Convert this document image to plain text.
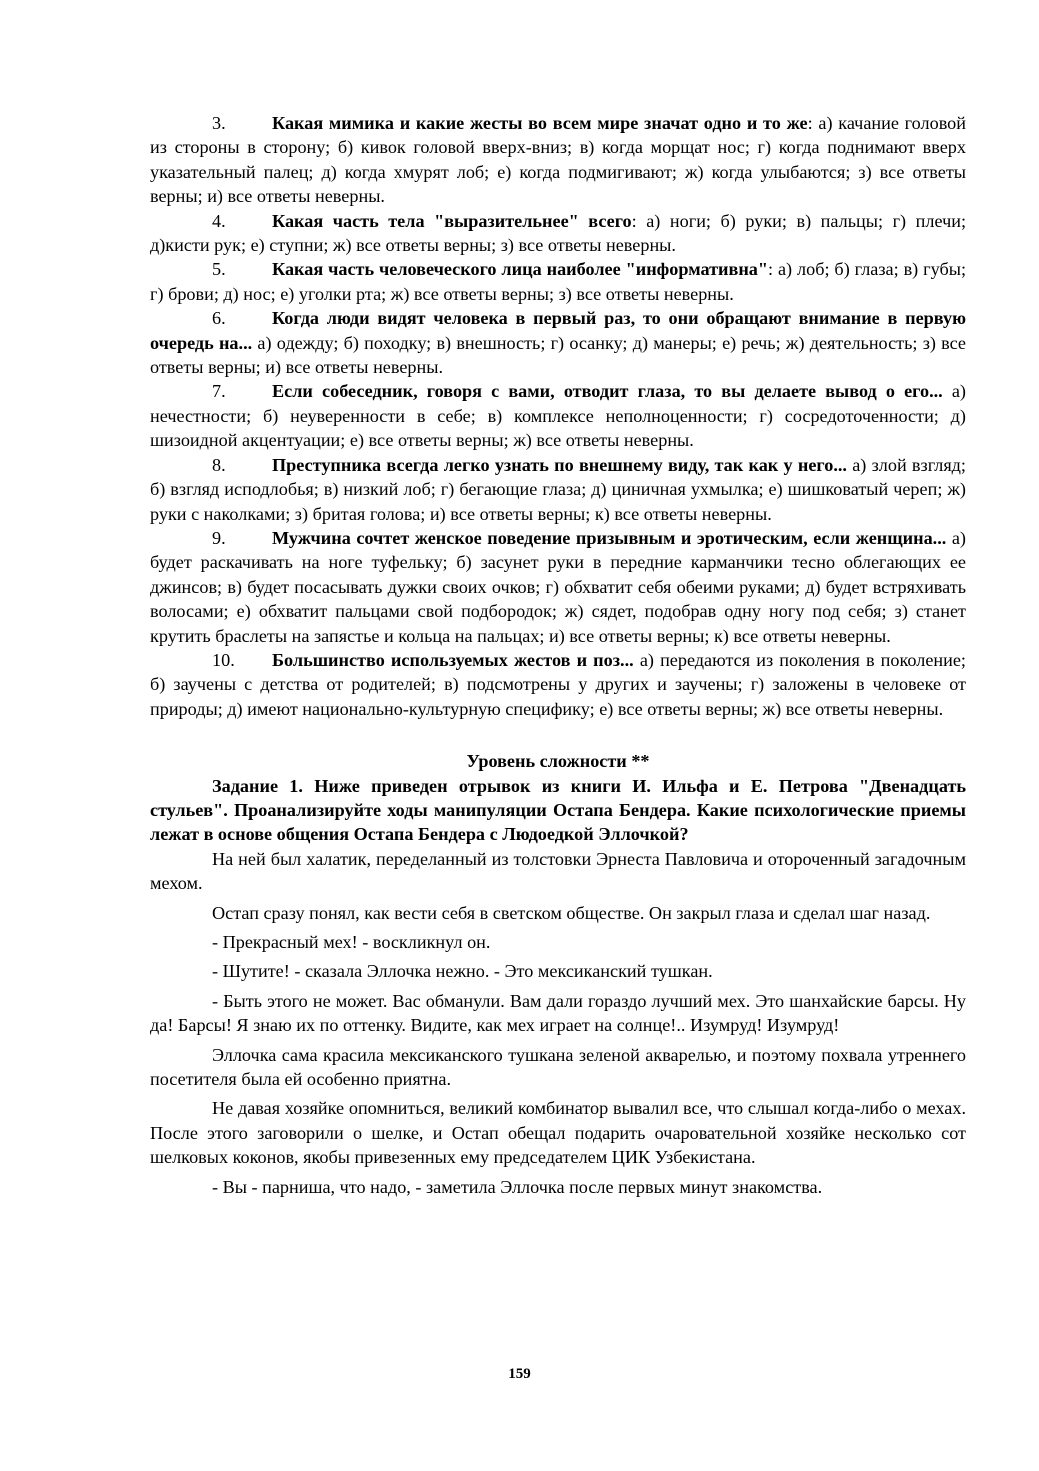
3.	Какая мимика и какие жесты во всем мире значат одно и то же: а) качание головой из стороны в сторону; б) кивок головой вверх-вниз; в) когда морщат нос; г) когда поднимают вверх указательный палец; д) когда хмурят лоб; е) когда подмигивают; ж) когда улыбаются; з) все ответы верны; и) все ответы неверны.

4.	Какая часть тела "выразительнее" всего: а) ноги; б) руки; в) пальцы; г) плечи; д)кисти рук; е) ступни; ж) все ответы верны; з) все ответы неверны.

5.	Какая часть человеческого лица наиболее "информативна": а) лоб; б) глаза; в) губы; г) брови; д) нос; е) уголки рта; ж) все ответы верны; з) все ответы неверны.

6.	Когда люди видят человека в первый раз, то они обращают внимание в первую очередь на... а) одежду; б) походку; в) внешность; г) осанку; д) манеры; е) речь; ж) деятельность; з) все ответы верны; и) все ответы неверны.

7.	Если собеседник, говоря с вами, отводит глаза, то вы делаете вывод о его... а) нечестности; б) неуверенности в себе; в) комплексе неполноценности; г) сосредоточенности; д) шизоидной акцентуации; е) все ответы верны; ж) все ответы неверны.

8.	Преступника всегда легко узнать по внешнему виду, так как у него... а) злой взгляд; б) взгляд исподлобья; в) низкий лоб; г) бегающие глаза; д) циничная ухмылка; е) шишковатый череп; ж) руки с наколками; з) бритая голова; и) все ответы верны; к) все ответы неверны.

9.	Мужчина сочтет женское поведение призывным и эротическим, если женщина... а) будет раскачивать на ноге туфельку; б) засунет руки в передние карманчики тесно облегающих ее джинсов; в) будет посасывать дужки своих очков; г) обхватит себя обеими руками; д) будет встряхивать волосами; е) обхватит пальцами свой подбородок; ж) сядет, подобрав одну ногу под себя; з) станет крутить браслеты на запястье и кольца на пальцах; и) все ответы верны; к) все ответы неверны.

10. Большинство используемых жестов и поз... а) передаются из поколения в поколение; б) заучены с детства от родителей; в) подсмотрены у других и заучены; г) заложены в человеке от природы; д) имеют национально-культурную специфику; е) все ответы верны; ж) все ответы неверны.

Уровень сложности **

Задание 1. Ниже приведен отрывок из книги И. Ильфа и Е. Петрова "Двенадцать стульев". Проанализируйте ходы манипуляции Остапа Бендера. Какие психологические приемы лежат в основе общения Остапа Бендера с Людоедкой Эллочкой?

На ней был халатик, переделанный из толстовки Эрнеста Павловича и отороченный загадочным мехом.

Остап сразу понял, как вести себя в светском обществе. Он закрыл глаза и сделал шаг назад.

- Прекрасный мех! - воскликнул он.

- Шутите! - сказала Эллочка нежно. - Это мексиканский тушкан.

- Быть этого не может. Вас обманули. Вам дали гораздо лучший мех. Это шанхайские барсы. Ну да! Барсы! Я знаю их по оттенку. Видите, как мех играет на солнце!.. Изумруд! Изумруд!

Эллочка сама красила мексиканского тушкана зеленой акварелью, и поэтому похвала утреннего посетителя была ей особенно приятна.

Не давая хозяйке опомниться, великий комбинатор вывалил все, что слышал когда-либо о мехах. После этого заговорили о шелке, и Остап обещал подарить очаровательной хозяйке несколько сот шелковых коконов, якобы привезенных ему председателем ЦИК Узбекистана.

- Вы - парниша, что надо, - заметила Эллочка после первых минут знакомства.

159
